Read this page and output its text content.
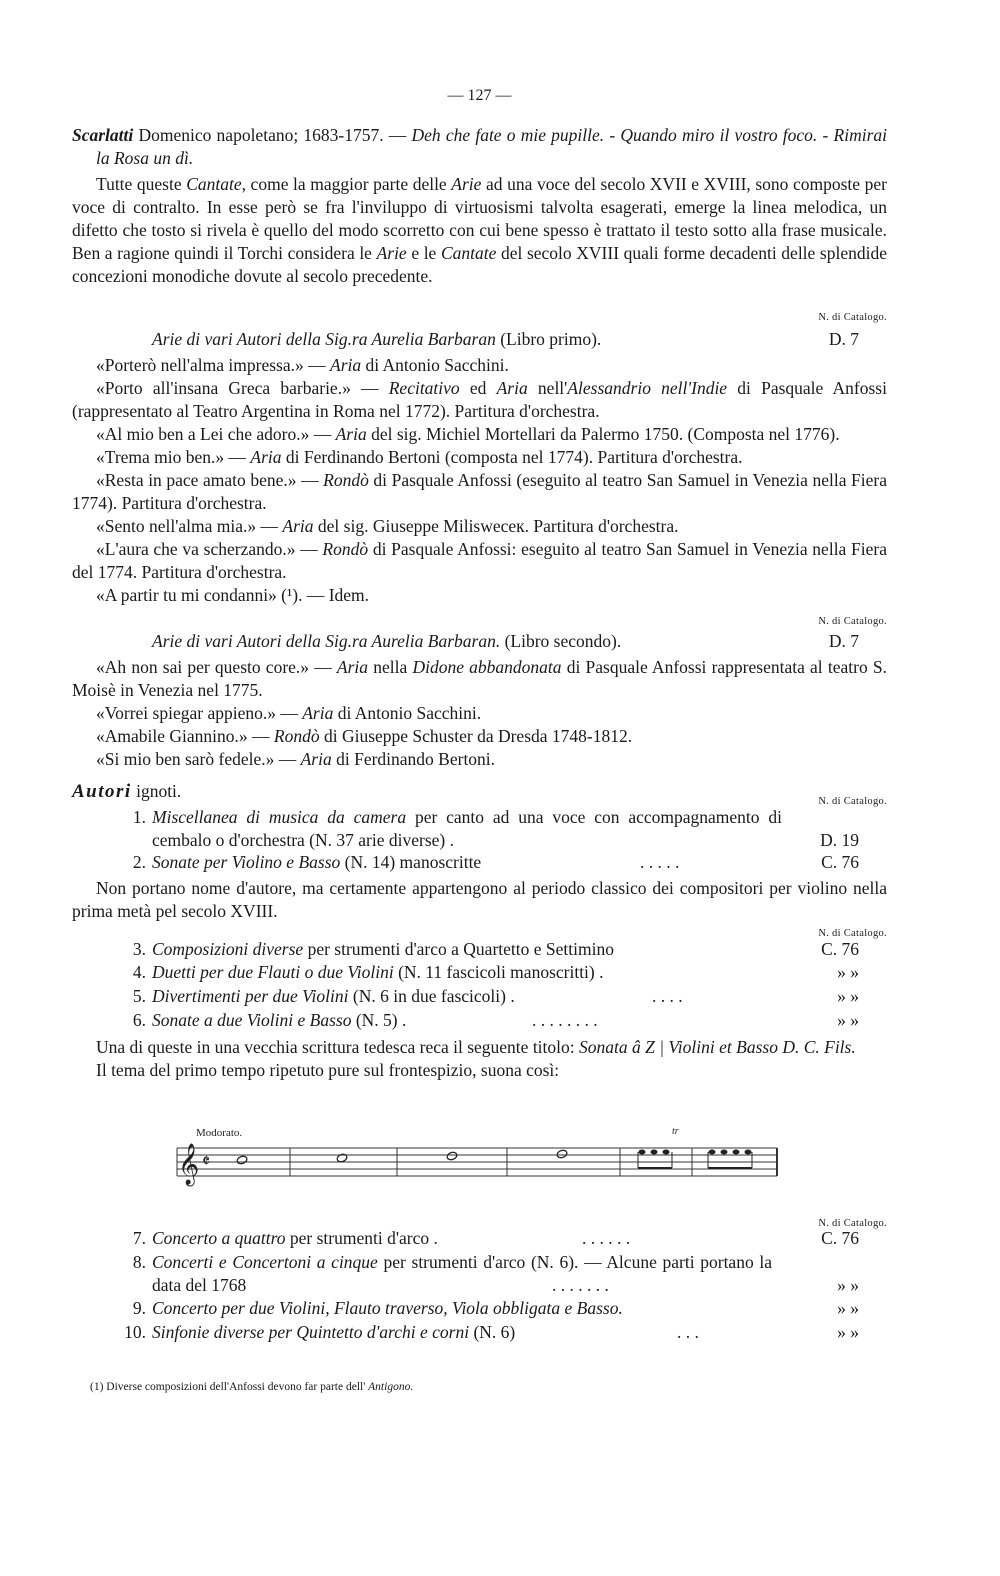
— 127 —
Scarlatti Domenico napoletano; 1683-1757. — Deh che fate o mie pupille. - Quando miro il vostro foco. - Rimirai la Rosa un dì.
Tutte queste Cantate, come la maggior parte delle Arie ad una voce del secolo XVII e XVIII, sono composte per voce di contralto. In esse però se fra l'inviluppo di virtuosismi talvolta esagerati, emerge la linea melodica, un difetto che tosto si rivela è quello del modo scorretto con cui bene spesso è trattato il testo sotto alla frase musicale. Ben a ragione quindi il Torchi considera le Arie e le Cantate del secolo XVIII quali forme decadenti delle splendide concezioni monodiche dovute al secolo precedente.
N. di Catalogo.
Arie di vari Autori della Sig.ra Aurelia Barbaran (Libro primo).	D. 7
«Porterò nell'alma impressa.» — Aria di Antonio Sacchini.
«Porto all'insana Greca barbarie.» — Recitativo ed Aria nell'Alessandrio nell'Indie di Pasquale Anfossi (rappresentato al Teatro Argentina in Roma nel 1772). Partitura d'orchestra.
«Al mio ben a Lei che adoro.» — Aria del sig. Michiel Mortellari da Palermo 1750. (Composta nel 1776).
«Trema mio ben.» — Aria di Ferdinando Bertoni (composta nel 1774). Partitura d'orchestra.
«Resta in pace amato bene.» — Rondò di Pasquale Anfossi (eseguito al teatro San Samuel in Venezia nella Fiera 1774). Partitura d'orchestra.
«Sento nell'alma mia.» — Aria del sig. Giuseppe Milisweceк. Partitura d'orchestra.
«L'aura che va scherzando.» — Rondò di Pasquale Anfossi: eseguito al teatro San Samuel in Venezia nella Fiera del 1774. Partitura d'orchestra.
«A partir tu mi condanni» (¹). — Idem.
N. di Catalogo.
Arie di vari Autori della Sig.ra Aurelia Barbaran. (Libro secondo).	D. 7
«Ah non sai per questo core.» — Aria nella Didone abbandonata di Pasquale Anfossi rappresentata al teatro S. Moisè in Venezia nel 1775.
«Vorrei spiegar appieno.» — Aria di Antonio Sacchini.
«Amabile Giannino.» — Rondò di Giuseppe Schuster da Dresda 1748-1812.
«Si mio ben sarò fedele.» — Aria di Ferdinando Bertoni.
Autori ignoti.
N. di Catalogo.
1. Miscellanea di musica da camera per canto ad una voce con accompagnamento di cembalo o d'orchestra (N. 37 arie diverse) .	D. 19
2. Sonate per Violino e Basso (N. 14) manoscritte	. . . . .	C. 76
Non portano nome d'autore, ma certamente appartengono al periodo classico dei compositori per violino nella prima metà pel secolo XVIII.
N. di Catalogo.
3. Composizioni diverse per strumenti d'arco a Quartetto e Settimino	C. 76
4. Duetti per due Flauti o due Violini (N. 11 fascicoli manoscritti) .	» »
5. Divertimenti per due Violini (N. 6 in due fascicoli) .	. . . .	» »
6. Sonate a due Violini e Basso (N. 5) .	. . . . . . . .	» »
Una di queste in una vecchia scrittura tedesca reca il seguente titolo: Sonata â Z | Violini et Basso D. C. Fils.
Il tema del primo tempo ripetuto pure sul frontespizio, suona così:
Modorato.	tr
𝄞 𝄵
N. di Catalogo.
7. Concerto a quattro per strumenti d'arco .	. . . . . .	C. 76
8. Concerti e Concertoni a cinque per strumenti d'arco (N. 6). — Alcune parti portano la data del 1768	. . . . . . .	» »
9. Concerto per due Violini, Flauto traverso, Viola obbligata e Basso.	» »
10. Sinfonie diverse per Quintetto d'archi e corni (N. 6)	. . .	» »
(1) Diverse composizioni dell'Anfossi devono far parte dell' Antigono.
